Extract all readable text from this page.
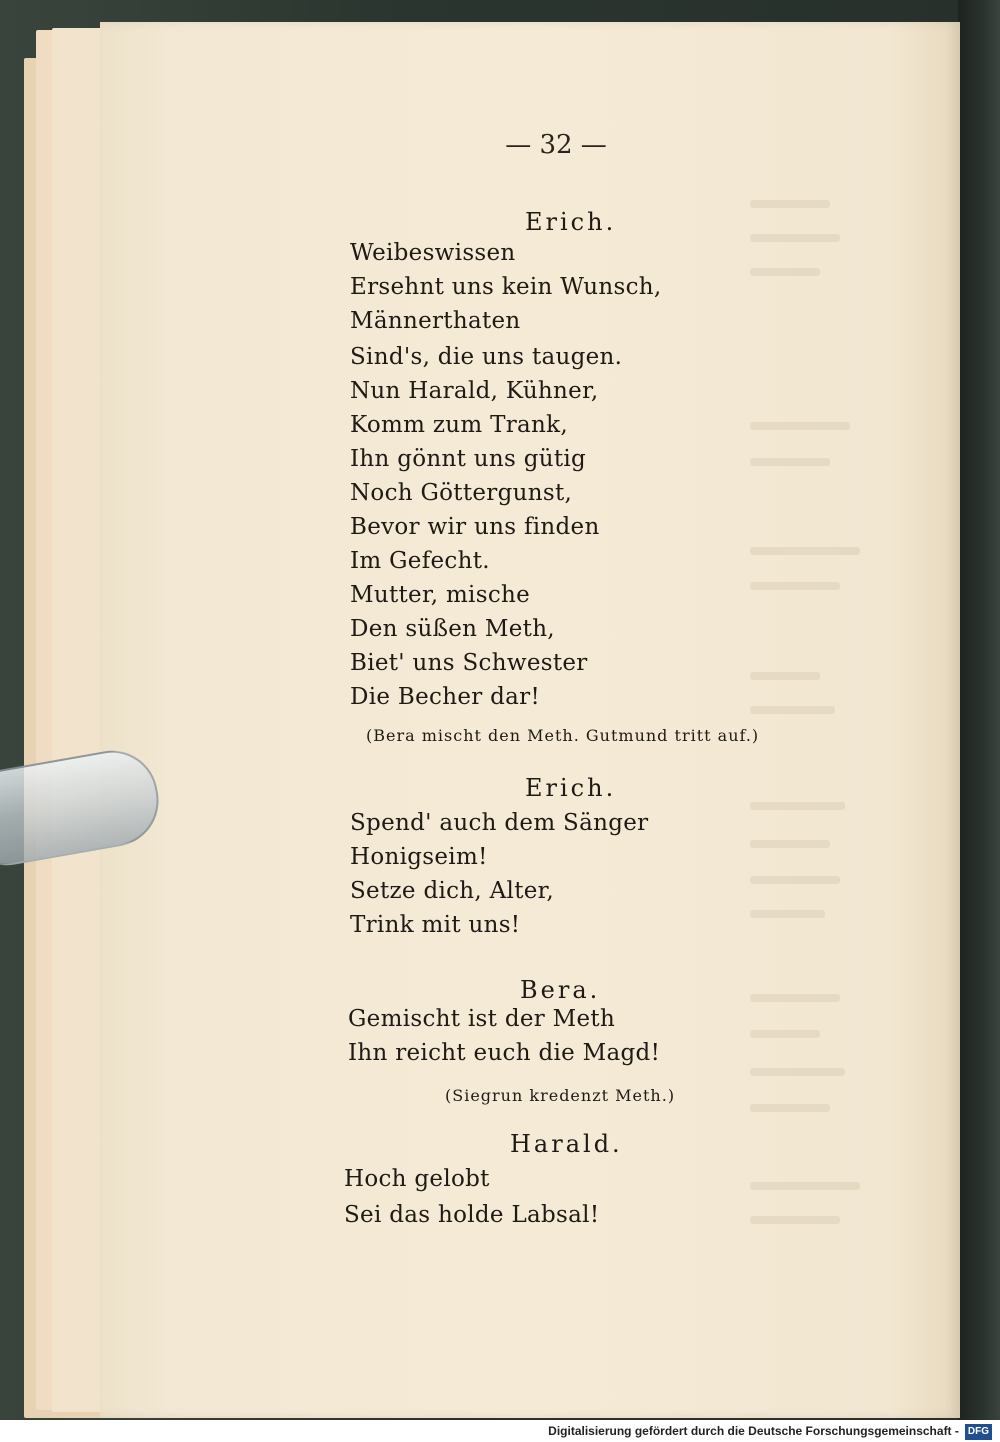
— 32 —
Erich.
Weibeswissen
Ersehnt uns kein Wunsch,
Männerthaten
Sind's, die uns taugen.
Nun Harald, Kühner,
Komm zum Trank,
Ihn gönnt uns gütig
Noch Göttergunst,
Bevor wir uns finden
Im Gefecht.
Mutter, mische
Den süßen Meth,
Biet' uns Schwester
Die Becher dar!
(Bera mischt den Meth. Gutmund tritt auf.)
Erich.
Spend' auch dem Sänger
Honigseim!
Setze dich, Alter,
Trink mit uns!
Bera.
Gemischt ist der Meth
Ihn reicht euch die Magd!
(Siegrun kredenzt Meth.)
Harald.
Hoch gelobt
Sei das holde Labsal!
Digitalisierung gefördert durch die Deutsche Forschungsgemeinschaft - DFG
